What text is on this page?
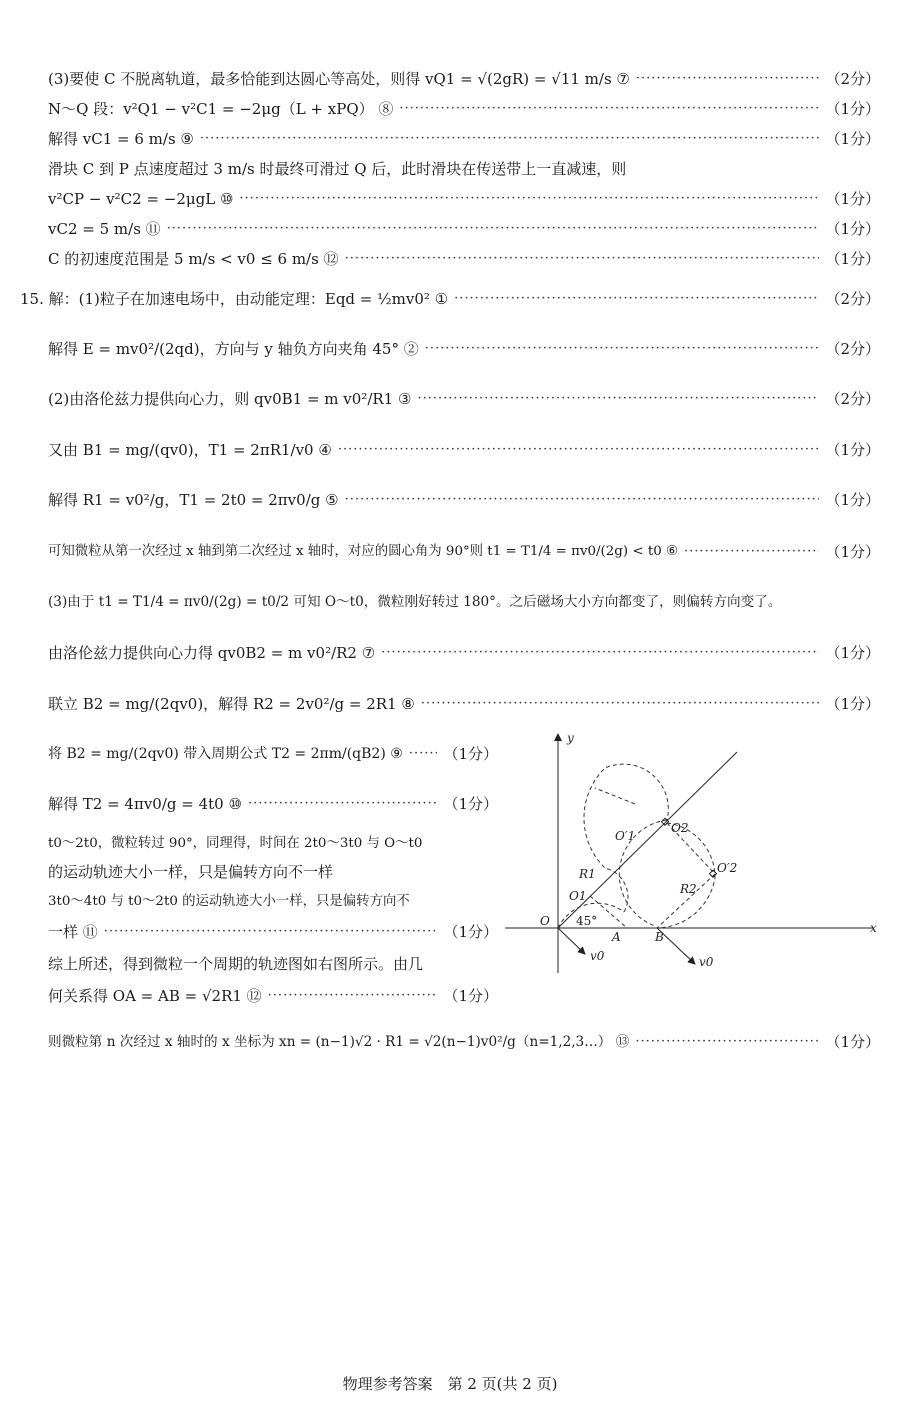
(3)要使 C 不脱离轨道，最多恰能到达圆心等高处，则得 vQ1 = √(2gR) = √11 m/s ⑦ ·····	（2分）
N～Q 段：v²Q1 − v²C1 = −2μg（L + xPQ） ⑧ ·····	（1分）
解得 vC1 = 6 m/s ⑨ ·····	（1分）
滑块 C 到 P 点速度超过 3 m/s 时最终可滑过 Q 后，此时滑块在传送带上一直减速，则
v²CP − v²C2 = −2μgL ⑩ ·····	（1分）
vC2 = 5 m/s ⑪ ·····	（1分）
C 的初速度范围是 5 m/s < v0 ≤ 6 m/s ⑫ ·····	（1分）
15. 解：(1)粒子在加速电场中，由动能定理：Eqd = ½mv0² ① ·····	（2分）
解得 E = mv0²/(2qd)，方向与 y 轴负方向夹角 45° ② ·····	（2分）
(2)由洛伦兹力提供向心力，则 qv0B1 = m v0²/R1 ③ ·····	（2分）
又由 B1 = mg/(qv0)，T1 = 2πR1/v0 ④ ·····	（1分）
解得 R1 = v0²/g，T1 = 2t0 = 2πv0/g ⑤ ·····	（1分）
可知微粒从第一次经过 x 轴到第二次经过 x 轴时，对应的圆心角为 90°则 t1 = T1/4 = πv0/(2g) < t0 ⑥ ·····	（1分）
(3)由于 t1 = T1/4 = πv0/(2g) = t0/2 可知 O～t0，微粒刚好转过 180°。之后磁场大小方向都变了，则偏转方向变了。
由洛伦兹力提供向心力得 qv0B2 = m v0²/R2 ⑦ ·····	（1分）
联立 B2 = mg/(2qv0)，解得 R2 = 2v0²/g = 2R1 ⑧ ·····	（1分）
将 B2 = mg/(2qv0) 带入周期公式 T2 = 2πm/(qB2) ⑨ ·····	（1分）
解得 T2 = 4πv0/g = 4t0 ⑩ ·····	（1分）
t0～2t0，微粒转过 90°，同理得，时间在 2t0～3t0 与 O～t0
的运动轨迹大小一样，只是偏转方向不一样
3t0～4t0 与 t0～2t0 的运动轨迹大小一样，只是偏转方向不
一样 ⑪ ·····	（1分）
综上所述，得到微粒一个周期的轨迹图如右图所示。由几
何关系得 OA = AB = √2R1 ⑫ ·····	（1分）
则微粒第 n 次经过 x 轴时的 x 坐标为 xn = (n−1)√2 · R1 = √2(n−1)v0²/g（n=1,2,3…） ⑬ ·····	（1分）
y
x
O
O′1
O2
O′2
O1
R1
R2
45°
A	B
v0	v0
物理参考答案　第 2 页(共 2 页)
